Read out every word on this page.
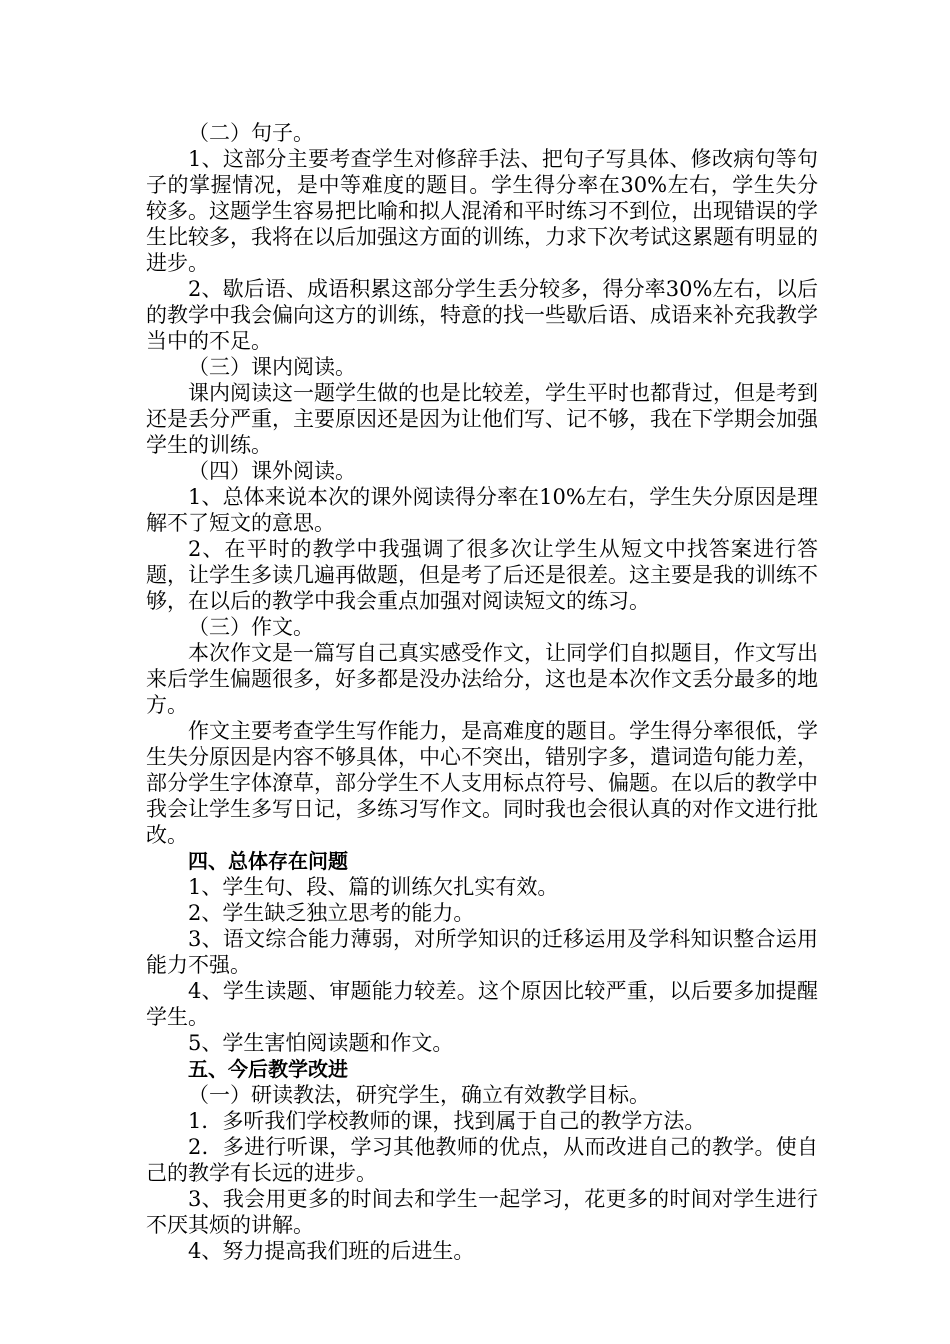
（二）句子。

1、这部分主要考查学生对修辞手法、把句子写具体、修改病句等句子的掌握情况，是中等难度的题目。学生得分率在30%左右，学生失分较多。这题学生容易把比喻和拟人混淆和平时练习不到位，出现错误的学生比较多，我将在以后加强这方面的训练，力求下次考试这累题有明显的进步。

2、歇后语、成语积累这部分学生丢分较多，得分率30%左右，以后的教学中我会偏向这方的训练，特意的找一些歇后语、成语来补充我教学当中的不足。

（三）课内阅读。

课内阅读这一题学生做的也是比较差，学生平时也都背过，但是考到还是丢分严重，主要原因还是因为让他们写、记不够，我在下学期会加强学生的训练。

（四）课外阅读。

1、总体来说本次的课外阅读得分率在10%左右，学生失分原因是理解不了短文的意思。

2、在平时的教学中我强调了很多次让学生从短文中找答案进行答题，让学生多读几遍再做题，但是考了后还是很差。这主要是我的训练不够，在以后的教学中我会重点加强对阅读短文的练习。

（三）作文。

本次作文是一篇写自己真实感受作文，让同学们自拟题目，作文写出来后学生偏题很多，好多都是没办法给分，这也是本次作文丢分最多的地方。

作文主要考查学生写作能力，是高难度的题目。学生得分率很低，学生失分原因是内容不够具体，中心不突出，错别字多，遣词造句能力差，部分学生字体潦草，部分学生不人支用标点符号、偏题。在以后的教学中我会让学生多写日记，多练习写作文。同时我也会很认真的对作文进行批改。

四、总体存在问题

1、学生句、段、篇的训练欠扎实有效。

2、学生缺乏独立思考的能力。

3、语文综合能力薄弱，对所学知识的迁移运用及学科知识整合运用能力不强。

4、学生读题、审题能力较差。这个原因比较严重，以后要多加提醒学生。

5、学生害怕阅读题和作文。

五、今后教学改进

（一）研读教法，研究学生，确立有效教学目标。

1．多听我们学校教师的课，找到属于自己的教学方法。

2．多进行听课，学习其他教师的优点，从而改进自己的教学。使自己的教学有长远的进步。

3、我会用更多的时间去和学生一起学习，花更多的时间对学生进行不厌其烦的讲解。

4、努力提高我们班的后进生。
